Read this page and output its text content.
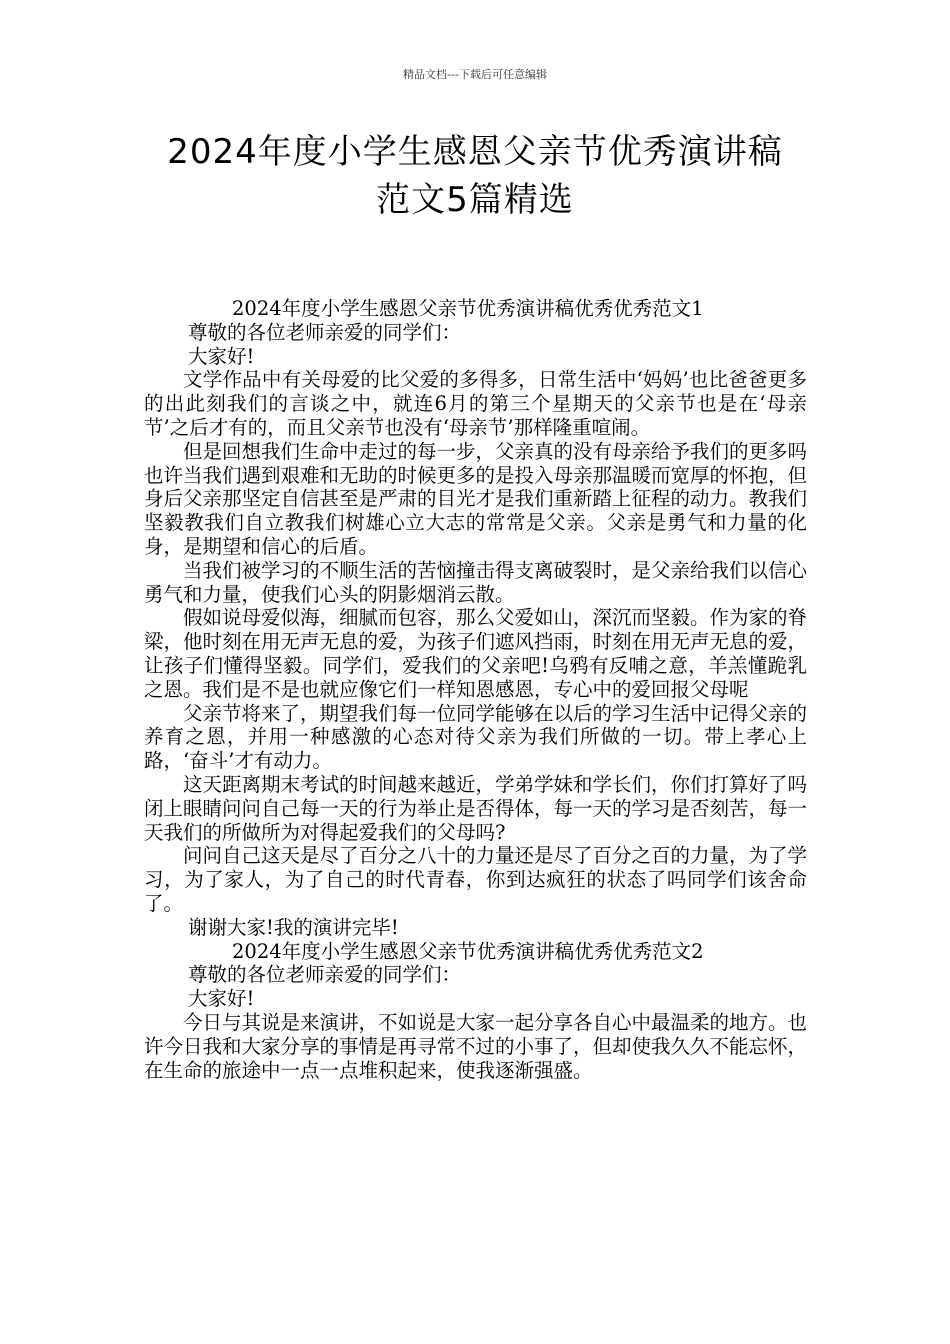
精品文档---下载后可任意编辑
2024年度小学生感恩父亲节优秀演讲稿
范文5篇精选

2024年度小学生感恩父亲节优秀演讲稿优秀优秀范文1

尊敬的各位老师亲爱的同学们：

大家好!

文学作品中有关母爱的比父爱的多得多，日常生活中‘妈妈’也比爸爸更多的出此刻我们的言谈之中，就连6月的第三个星期天的父亲节也是在‘母亲节’之后才有的，而且父亲节也没有‘母亲节’那样隆重喧闹。

但是回想我们生命中走过的每一步，父亲真的没有母亲给予我们的更多吗也许当我们遇到艰难和无助的时候更多的是投入母亲那温暖而宽厚的怀抱，但身后父亲那坚定自信甚至是严肃的目光才是我们重新踏上征程的动力。教我们坚毅教我们自立教我们树雄心立大志的常常是父亲。父亲是勇气和力量的化身，是期望和信心的后盾。

当我们被学习的不顺生活的苦恼撞击得支离破裂时，是父亲给我们以信心勇气和力量，使我们心头的阴影烟消云散。

假如说母爱似海，细腻而包容，那么父爱如山，深沉而坚毅。作为家的脊梁，他时刻在用无声无息的爱，为孩子们遮风挡雨，时刻在用无声无息的爱，让孩子们懂得坚毅。同学们，爱我们的父亲吧!乌鸦有反哺之意，羊羔懂跪乳之恩。我们是不是也就应像它们一样知恩感恩，专心中的爱回报父母呢

父亲节将来了，期望我们每一位同学能够在以后的学习生活中记得父亲的养育之恩，并用一种感激的心态对待父亲为我们所做的一切。带上孝心上路，‘奋斗’才有动力。

这天距离期末考试的时间越来越近，学弟学妹和学长们，你们打算好了吗闭上眼睛问问自己每一天的行为举止是否得体，每一天的学习是否刻苦，每一天我们的所做所为对得起爱我们的父母吗?

问问自己这天是尽了百分之八十的力量还是尽了百分之百的力量，为了学习，为了家人，为了自己的时代青春，你到达疯狂的状态了吗同学们该舍命了。

谢谢大家!我的演讲完毕!

2024年度小学生感恩父亲节优秀演讲稿优秀优秀范文2

尊敬的各位老师亲爱的同学们：

大家好!

今日与其说是来演讲，不如说是大家一起分享各自心中最温柔的地方。也许今日我和大家分享的事情是再寻常不过的小事了，但却使我久久不能忘怀，在生命的旅途中一点一点堆积起来，使我逐渐强盛。
